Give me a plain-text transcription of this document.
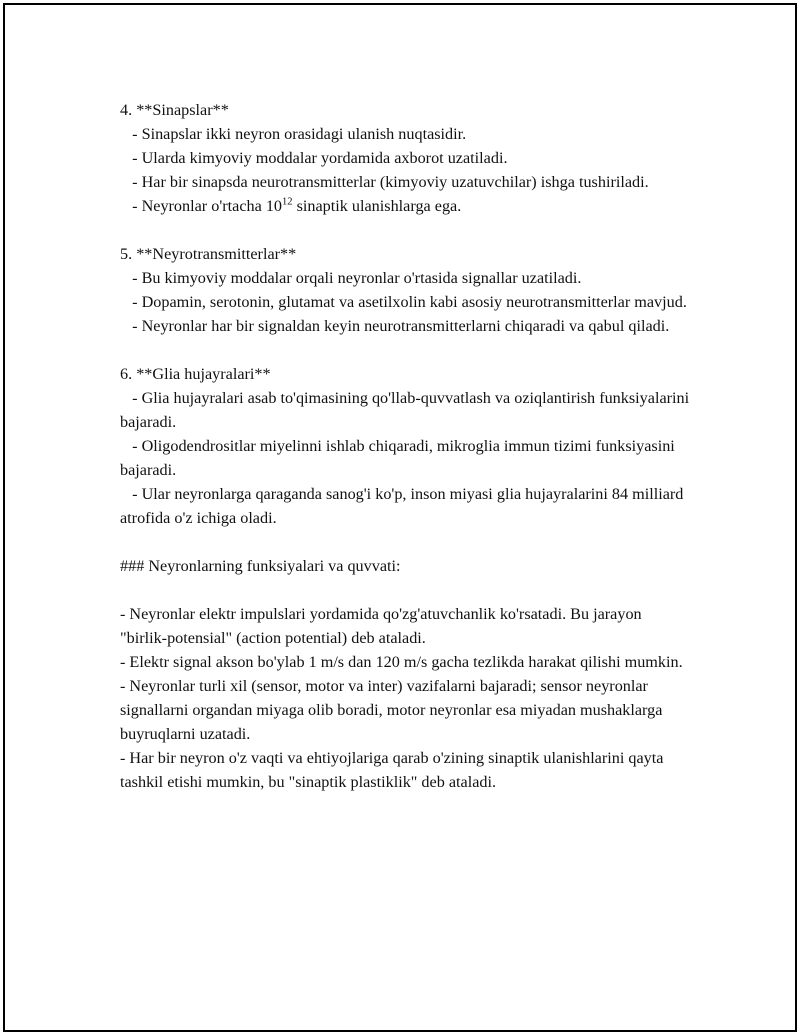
4. **Sinapslar**

- Sinapslar ikki neyron orasidagi ulanish nuqtasidir.

- Ularda kimyoviy moddalar yordamida axborot uzatiladi.

- Har bir sinapsda neurotransmitterlar (kimyoviy uzatuvchilar) ishga tushiriladi.

- Neyronlar o'rtacha $10^{12}$ sinaptik ulanishlarga ega.

5. **Neyrotransmitterlar**

- Bu kimyoviy moddalar orqali neyronlar o'rtasida signallar uzatiladi.

- Dopamin, serotonin, glutamat va asetilxolin kabi asosiy neurotransmitterlar mavjud.

- Neyronlar har bir signaldan keyin neurotransmitterlarni chiqaradi va qabul qiladi.

6. **Glia hujayralari**

- Glia hujayralari asab to'qimasining qo'llab-quvvatlash va oziqlantirish funksiyalarini bajaradi.

- Oligodendrositlar miyelinni ishlab chiqaradi, mikroglia immun tizimi funksiyasini bajaradi.

- Ular neyronlarga qaraganda sanog'i ko'p, inson miyasi glia hujayralarini 84 milliard atrofida o'z ichiga oladi.

### Neyronlarning funksiyalari va quvvati:

- Neyronlar elektr impulslari yordamida qo'zg'atuvchanlik ko'rsatadi. Bu jarayon "birlik-potensial" (action potential) deb ataladi.

- Elektr signal akson bo'ylab 1 m/s dan 120 m/s gacha tezlikda harakat qilishi mumkin.

- Neyronlar turli xil (sensor, motor va inter) vazifalarni bajaradi; sensor neyronlar signallarni organdan miyaga olib boradi, motor neyronlar esa miyadan mushaklarga buyruqlarni uzatadi.

- Har bir neyron o'z vaqti va ehtiyojlariga qarab o'zining sinaptik ulanishlarini qayta tashkil etishi mumkin, bu "sinaptik plastiklik" deb ataladi.
